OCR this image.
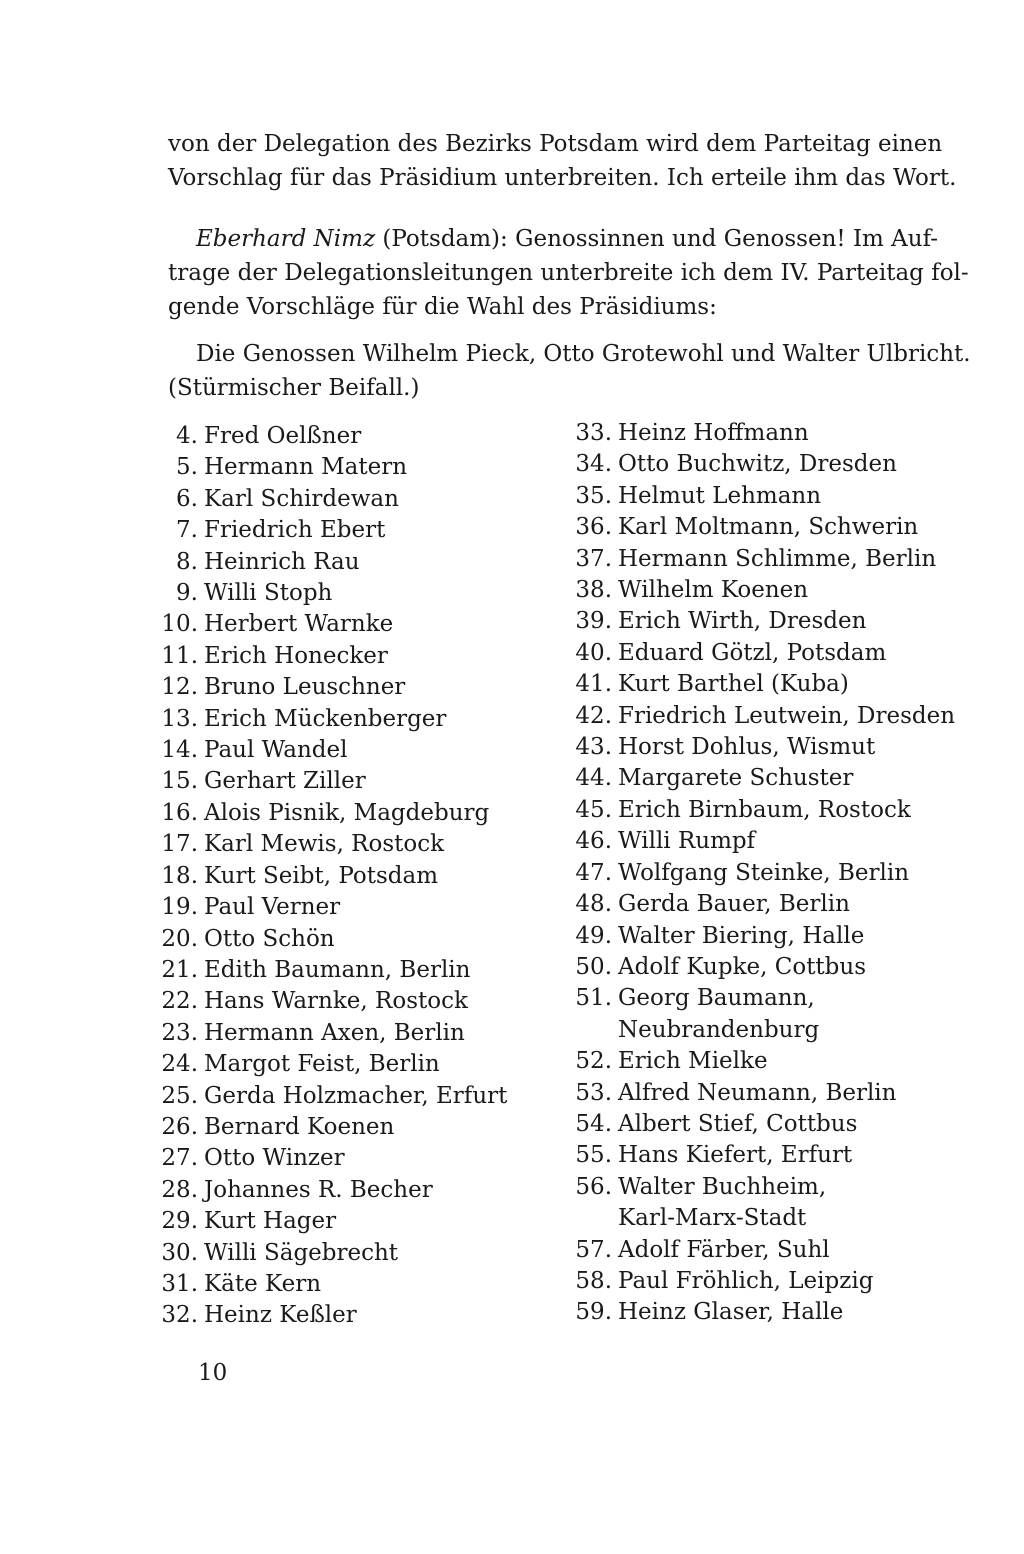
von der Delegation des Bezirks Potsdam wird dem Parteitag einen
Vorschlag für das Präsidium unterbreiten. Ich erteile ihm das Wort.

Eberhard Nimz (Potsdam): Genossinnen und Genossen! Im Auf-
trage der Delegationsleitungen unterbreite ich dem IV. Parteitag fol-
gende Vorschläge für die Wahl des Präsidiums:

Die Genossen Wilhelm Pieck, Otto Grotewohl und Walter Ulbricht.
(Stürmischer Beifall.)

4. Fred Oelßner
5. Hermann Matern
6. Karl Schirdewan
7. Friedrich Ebert
8. Heinrich Rau
9. Willi Stoph
10. Herbert Warnke
11. Erich Honecker
12. Bruno Leuschner
13. Erich Mückenberger
14. Paul Wandel
15. Gerhart Ziller
16. Alois Pisnik, Magdeburg
17. Karl Mewis, Rostock
18. Kurt Seibt, Potsdam
19. Paul Verner
20. Otto Schön
21. Edith Baumann, Berlin
22. Hans Warnke, Rostock
23. Hermann Axen, Berlin
24. Margot Feist, Berlin
25. Gerda Holzmacher, Erfurt
26. Bernard Koenen
27. Otto Winzer
28. Johannes R. Becher
29. Kurt Hager
30. Willi Sägebrecht
31. Käte Kern
32. Heinz Keßler
33. Heinz Hoffmann
34. Otto Buchwitz, Dresden
35. Helmut Lehmann
36. Karl Moltmann, Schwerin
37. Hermann Schlimme, Berlin
38. Wilhelm Koenen
39. Erich Wirth, Dresden
40. Eduard Götzl, Potsdam
41. Kurt Barthel (Kuba)
42. Friedrich Leutwein, Dresden
43. Horst Dohlus, Wismut
44. Margarete Schuster
45. Erich Birnbaum, Rostock
46. Willi Rumpf
47. Wolfgang Steinke, Berlin
48. Gerda Bauer, Berlin
49. Walter Biering, Halle
50. Adolf Kupke, Cottbus
51. Georg Baumann,
Neubrandenburg
52. Erich Mielke
53. Alfred Neumann, Berlin
54. Albert Stief, Cottbus
55. Hans Kiefert, Erfurt
56. Walter Buchheim,
Karl-Marx-Stadt
57. Adolf Färber, Suhl
58. Paul Fröhlich, Leipzig
59. Heinz Glaser, Halle
10
